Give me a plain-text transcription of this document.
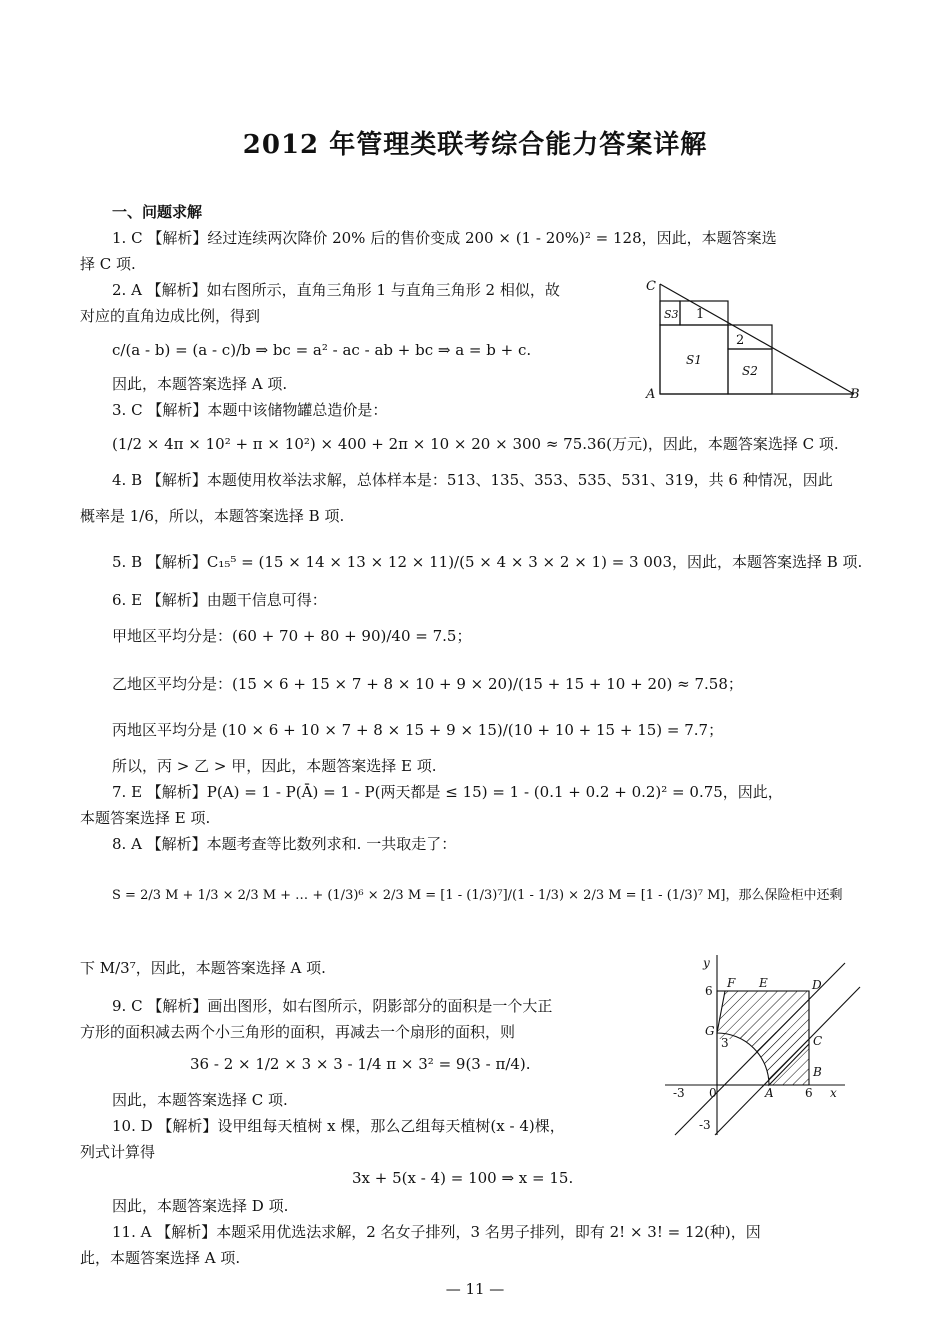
2012 年管理类联考综合能力答案详解
一、问题求解
1. C 【解析】经过连续两次降价 20% 后的售价变成 200 × (1 - 20%)² = 128，因此，本题答案选
择 C 项.
2. A 【解析】如右图所示，直角三角形 1 与直角三角形 2 相似，故
对应的直角边成比例，得到
c/(a - b) = (a - c)/b ⇒ bc = a² - ac - ab + bc ⇒ a = b + c.
因此，本题答案选择 A 项.
3. C 【解析】本题中该储物罐总造价是：
(1/2 × 4π × 10² + π × 10²) × 400 + 2π × 10 × 20 × 300 ≈ 75.36(万元)，因此，本题答案选择 C 项.
4. B 【解析】本题使用枚举法求解，总体样本是：513、135、353、535、531、319，共 6 种情况，因此
概率是 1/6，所以，本题答案选择 B 项.
5. B 【解析】C₁₅⁵ = (15 × 14 × 13 × 12 × 11)/(5 × 4 × 3 × 2 × 1) = 3 003，因此，本题答案选择 B 项.
6. E 【解析】由题干信息可得：
甲地区平均分是：(60 + 70 + 80 + 90)/40 = 7.5；
乙地区平均分是：(15 × 6 + 15 × 7 + 8 × 10 + 9 × 20)/(15 + 15 + 10 + 20) ≈ 7.58；
丙地区平均分是 (10 × 6 + 10 × 7 + 8 × 15 + 9 × 15)/(10 + 10 + 15 + 15) = 7.7；
所以，丙 > 乙 > 甲，因此，本题答案选择 E 项.
7. E 【解析】P(A) = 1 - P(Ā) = 1 - P(两天都是 ≤ 15) = 1 - (0.1 + 0.2 + 0.2)² = 0.75，因此，
本题答案选择 E 项.
8. A 【解析】本题考查等比数列求和. 一共取走了：
S = 2/3 M + 1/3 × 2/3 M + … + (1/3)⁶ × 2/3 M = [1 - (1/3)⁷]/(1 - 1/3) × 2/3 M = [1 - (1/3)⁷ M]，那么保险柜中还剩
下 M/3⁷，因此，本题答案选择 A 项.
9. C 【解析】画出图形，如右图所示，阴影部分的面积是一个大正
方形的面积减去两个小三角形的面积，再减去一个扇形的面积，则
36 - 2 × 1/2 × 3 × 3 - 1/4 π × 3² = 9(3 - π/4).
因此，本题答案选择 C 项.
10. D 【解析】设甲组每天植树 x 棵，那么乙组每天植树(x - 4)棵，
列式计算得
3x + 5(x - 4) = 100 ⇒ x = 15.
因此，本题答案选择 D 项.
11. A 【解析】本题采用优选法求解，2 名女子排列，3 名男子排列，即有 2! × 3! = 12(种)，因
此，本题答案选择 A 项.
C
S3 1
2
S1
S2
A	B
y
F E	D
6
G
3	C
B
-3 0	A	6 x
-3
— 11 —
